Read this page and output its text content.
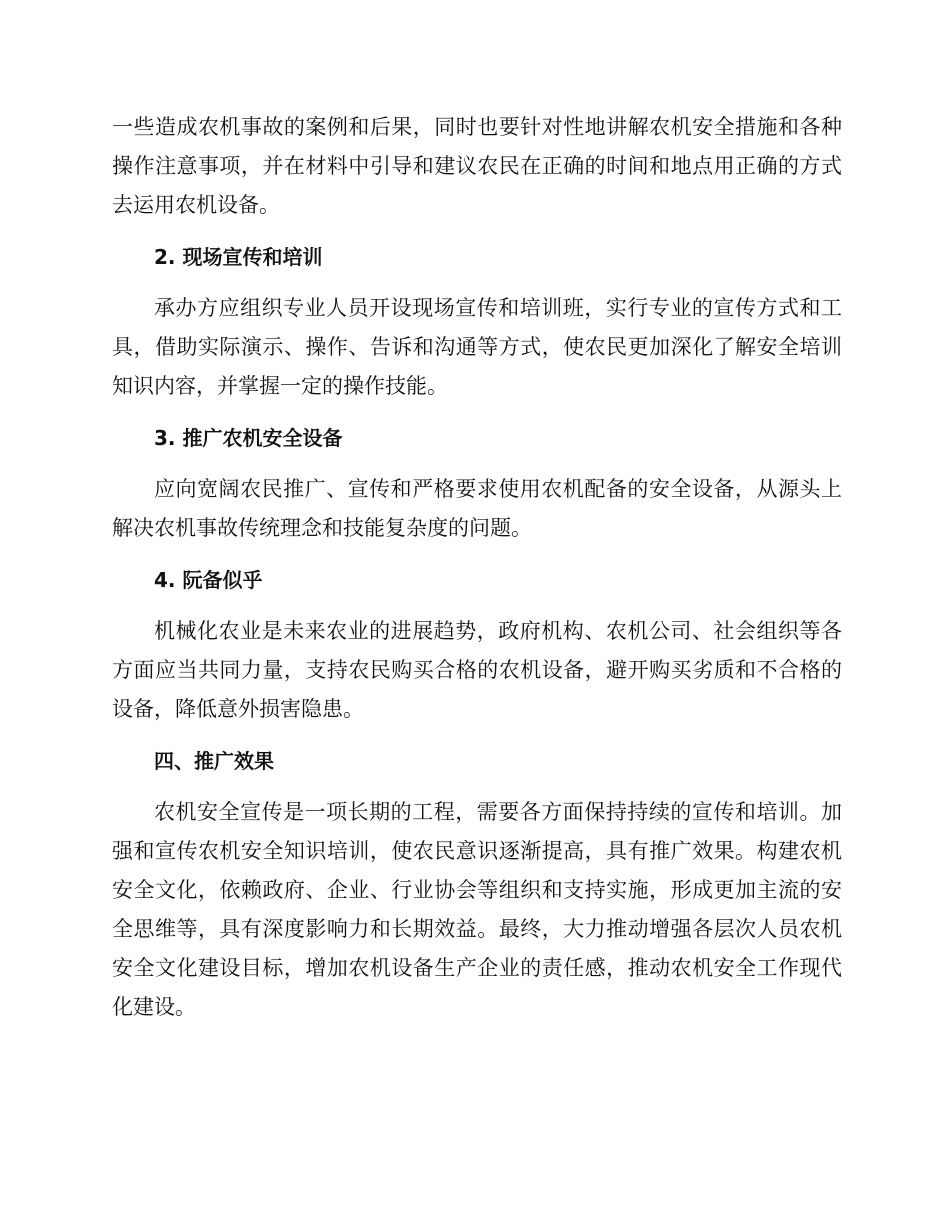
一些造成农机事故的案例和后果，同时也要针对性地讲解农机安全措施和各种操作注意事项，并在材料中引导和建议农民在正确的时间和地点用正确的方式去运用农机设备。

2. 现场宣传和培训

承办方应组织专业人员开设现场宣传和培训班，实行专业的宣传方式和工具，借助实际演示、操作、告诉和沟通等方式，使农民更加深化了解安全培训知识内容，并掌握一定的操作技能。

3. 推广农机安全设备

应向宽阔农民推广、宣传和严格要求使用农机配备的安全设备，从源头上解决农机事故传统理念和技能复杂度的问题。

4. 阮备似乎

机械化农业是未来农业的进展趋势，政府机构、农机公司、社会组织等各方面应当共同力量，支持农民购买合格的农机设备，避开购买劣质和不合格的设备，降低意外损害隐患。

四、推广效果

农机安全宣传是一项长期的工程，需要各方面保持持续的宣传和培训。加强和宣传农机安全知识培训，使农民意识逐渐提高，具有推广效果。构建农机安全文化，依赖政府、企业、行业协会等组织和支持实施，形成更加主流的安全思维等，具有深度影响力和长期效益。最终，大力推动增强各层次人员农机安全文化建设目标，增加农机设备生产企业的责任感，推动农机安全工作现代化建设。
